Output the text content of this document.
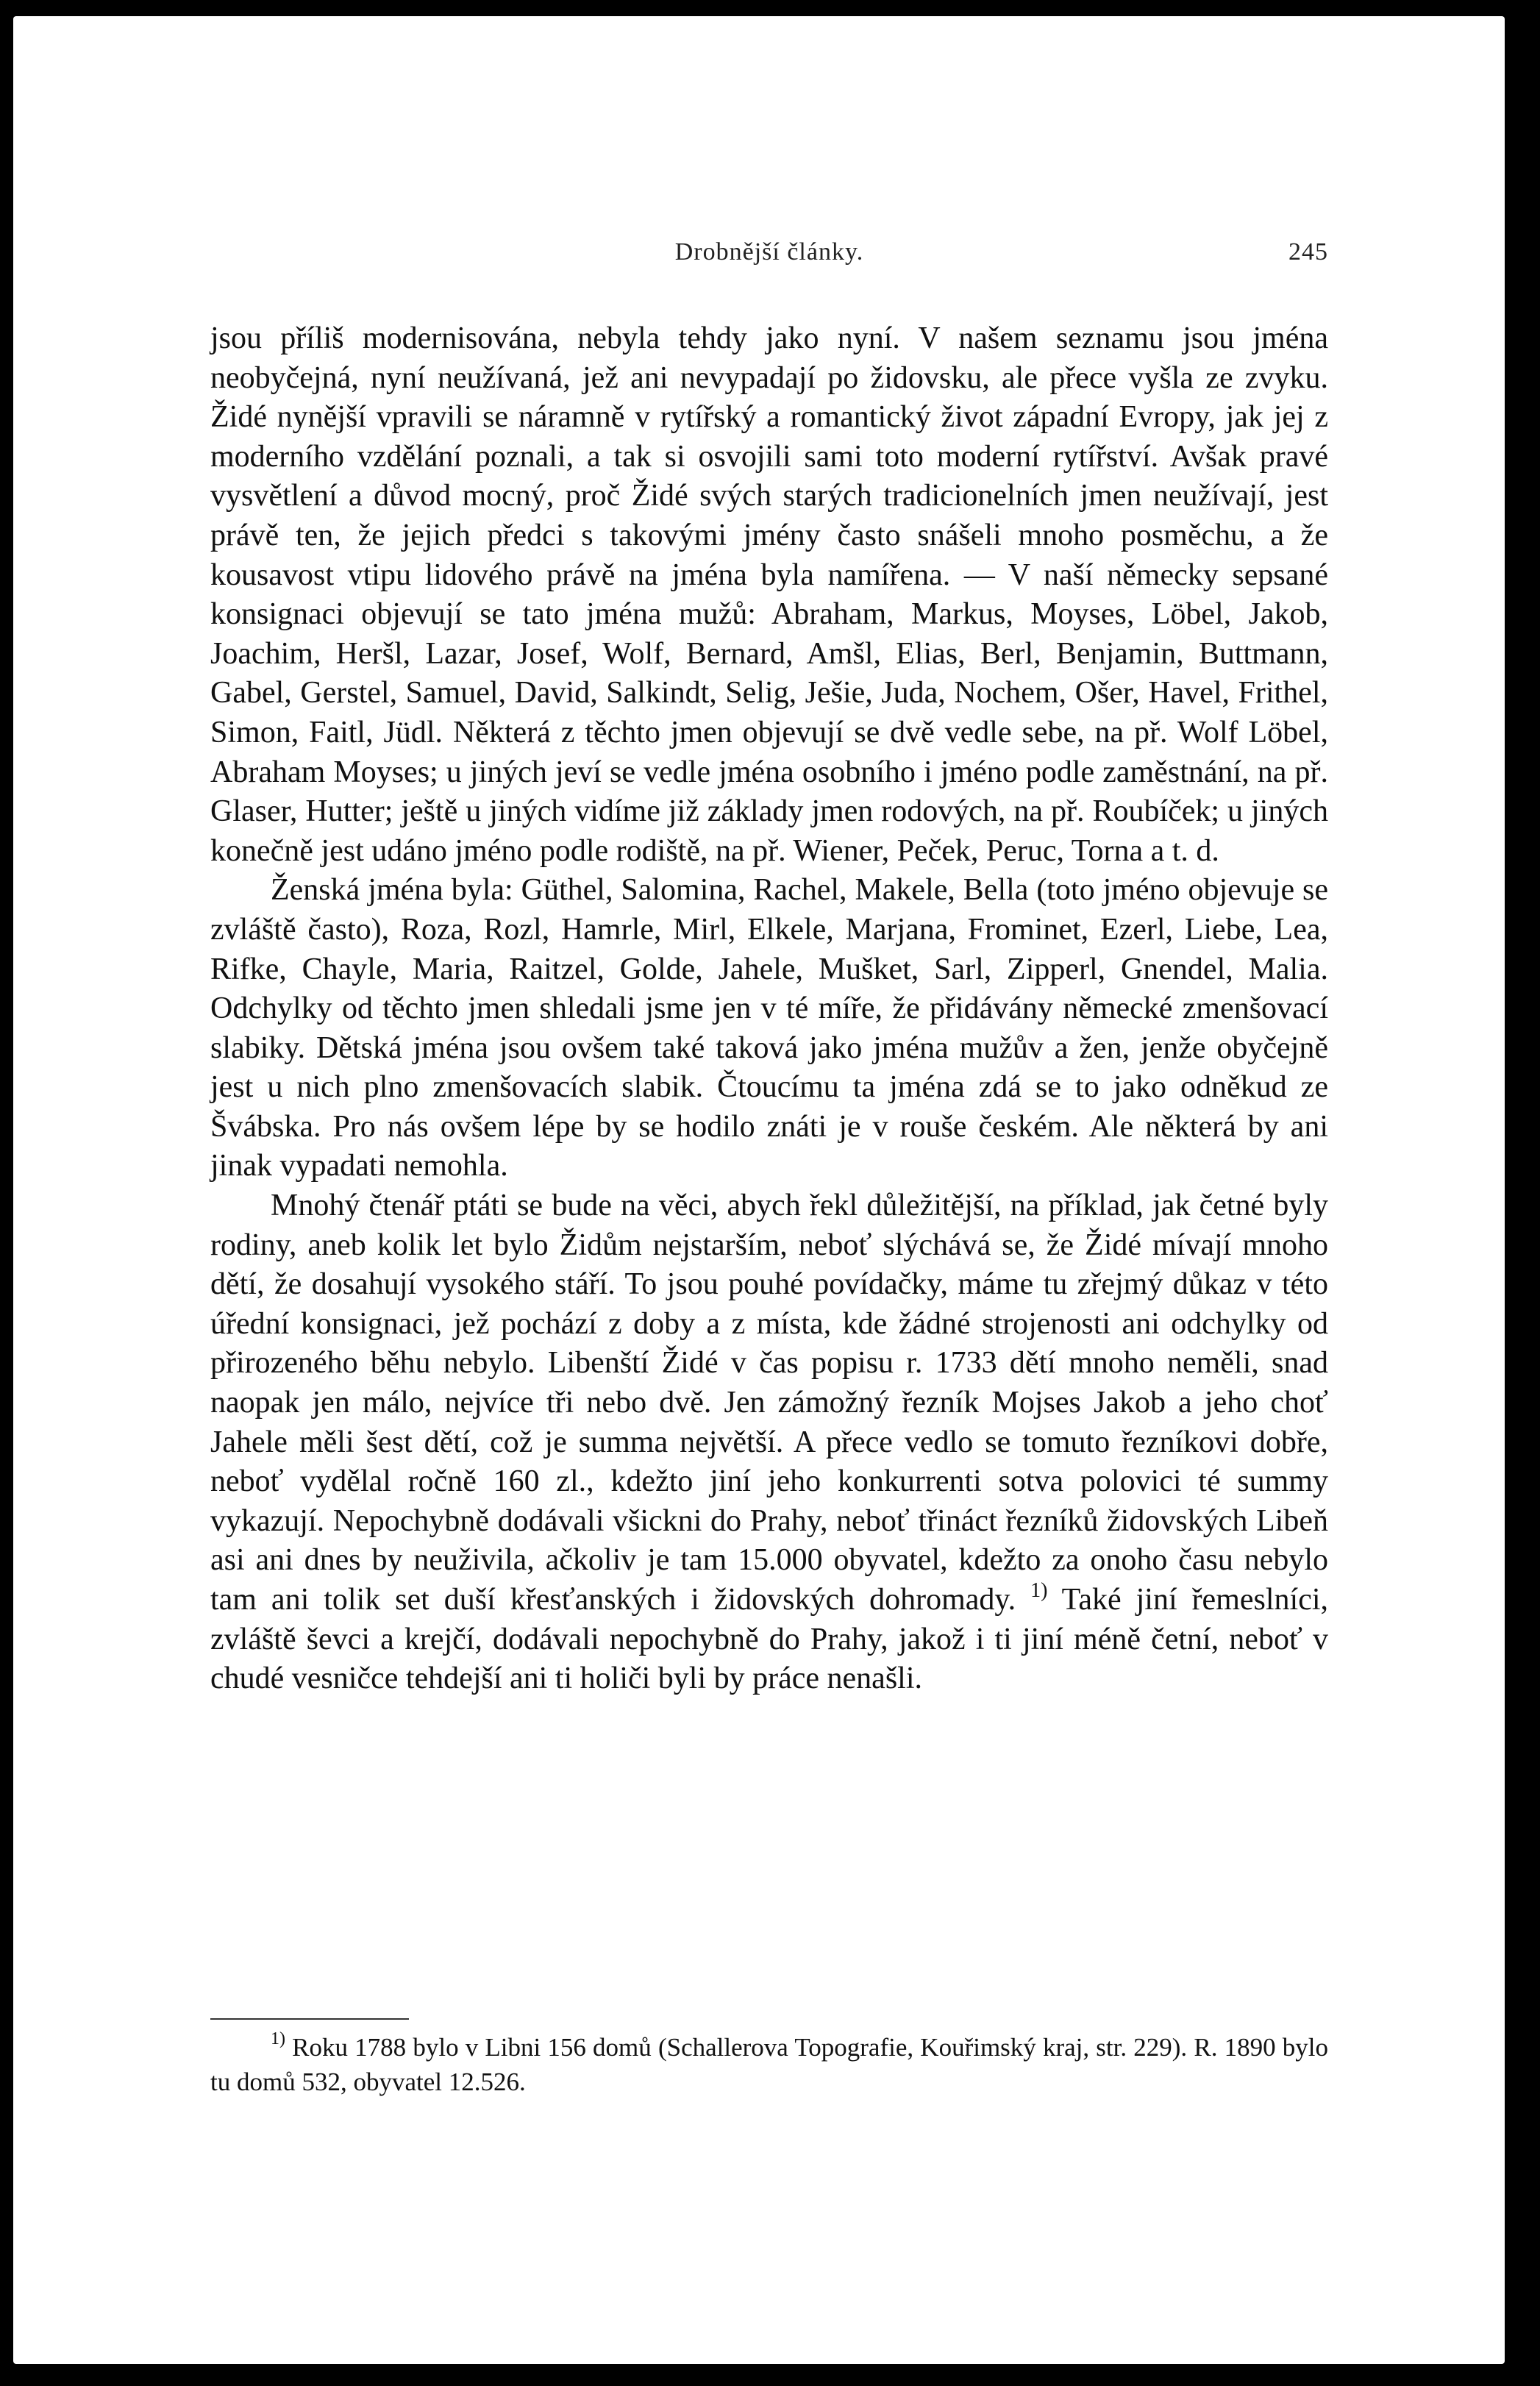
Drobnější články.	245

jsou příliš modernisována, nebyla tehdy jako nyní. V našem seznamu jsou jména neobyčejná, nyní neužívaná, jež ani nevypadají po židovsku, ale přece vyšla ze zvyku. Židé nynější vpravili se náramně v rytířský a romantický život západní Evropy, jak jej z moderního vzdělání poznali, a tak si osvojili sami toto moderní rytířství. Avšak pravé vysvětlení a důvod mocný, proč Židé svých starých tradicionelních jmen neužívají, jest právě ten, že jejich předci s takovými jmény často snášeli mnoho posměchu, a že kousavost vtipu lidového právě na jména byla namířena. — V naší německy sepsané konsignaci objevují se tato jména mužů: Abraham, Markus, Moyses, Löbel, Jakob, Joachim, Heršl, Lazar, Josef, Wolf, Bernard, Amšl, Elias, Berl, Benjamin, Buttmann, Gabel, Gerstel, Samuel, David, Salkindt, Selig, Ješie, Juda, Nochem, Ošer, Havel, Frithel, Simon, Faitl, Jüdl. Některá z těchto jmen objevují se dvě vedle sebe, na př. Wolf Löbel, Abraham Moyses; u jiných jeví se vedle jména osobního i jméno podle zaměstnání, na př. Glaser, Hutter; ještě u jiných vidíme již základy jmen rodových, na př. Roubíček; u jiných konečně jest udáno jméno podle rodiště, na př. Wiener, Peček, Peruc, Torna a t. d.

Ženská jména byla: Güthel, Salomina, Rachel, Makele, Bella (toto jméno objevuje se zvláště často), Roza, Rozl, Hamrle, Mirl, Elkele, Marjana, Frominet, Ezerl, Liebe, Lea, Rifke, Chayle, Maria, Raitzel, Golde, Jahele, Mušket, Sarl, Zipperl, Gnendel, Malia. Odchylky od těchto jmen shledali jsme jen v té míře, že přidávány německé zmenšovací slabiky. Dětská jména jsou ovšem také taková jako jména mužův a žen, jenže obyčejně jest u nich plno zmenšovacích slabik. Čtoucímu ta jména zdá se to jako odněkud ze Švábska. Pro nás ovšem lépe by se hodilo znáti je v rouše českém. Ale některá by ani jinak vypadati nemohla.

Mnohý čtenář ptáti se bude na věci, abych řekl důležitější, na příklad, jak četné byly rodiny, aneb kolik let bylo Židům nejstarším, neboť slýchává se, že Židé mívají mnoho dětí, že dosahují vysokého stáří. To jsou pouhé povídačky, máme tu zřejmý důkaz v této úřední konsignaci, jež pochází z doby a z místa, kde žádné strojenosti ani odchylky od přirozeného běhu nebylo. Libenští Židé v čas popisu r. 1733 dětí mnoho neměli, snad naopak jen málo, nejvíce tři nebo dvě. Jen zámožný řezník Mojses Jakob a jeho choť Jahele měli šest dětí, což je summa největší. A přece vedlo se tomuto řezníkovi dobře, neboť vydělal ročně 160 zl., kdežto jiní jeho konkurrenti sotva polovici té summy vykazují. Nepochybně dodávali všickni do Prahy, neboť třináct řezníků židovských Libeň asi ani dnes by neuživila, ačkoliv je tam 15.000 obyvatel, kdežto za onoho času nebylo tam ani tolik set duší křesťanských i židovských dohromady. $^{1)}$ Také jiní řemeslníci, zvláště ševci a krejčí, dodávali nepochybně do Prahy, jakož i ti jiní méně četní, neboť v chudé vesničce tehdejší ani ti holiči byli by práce nenašli.

$^{1)}$ Roku 1788 bylo v Libni 156 domů (Schallerova Topografie, Kouřimský kraj, str. 229). R. 1890 bylo tu domů 532, obyvatel 12.526.
